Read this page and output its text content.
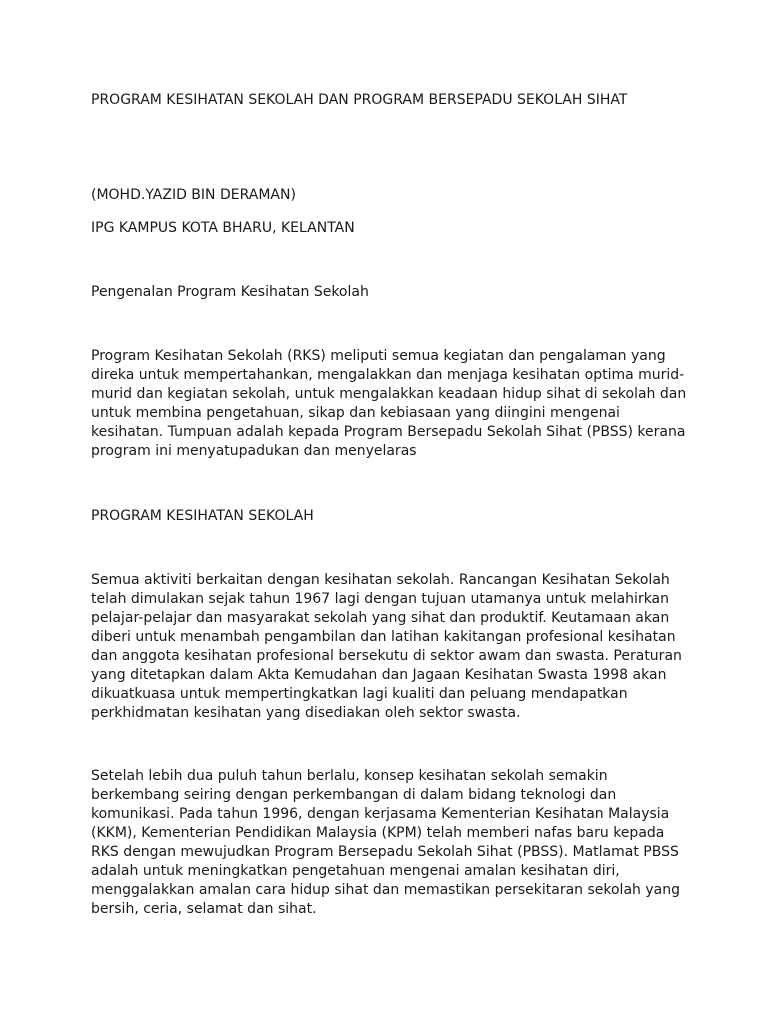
PROGRAM KESIHATAN SEKOLAH DAN PROGRAM BERSEPADU SEKOLAH SIHAT

(MOHD.YAZID BIN DERAMAN)

IPG KAMPUS KOTA BHARU, KELANTAN

Pengenalan Program Kesihatan Sekolah

Program Kesihatan Sekolah (RKS) meliputi semua kegiatan dan pengalaman yang
direka untuk mempertahankan, mengalakkan dan menjaga kesihatan optima murid-
murid dan kegiatan sekolah, untuk mengalakkan keadaan hidup sihat di sekolah dan
untuk membina pengetahuan, sikap dan kebiasaan yang diingini mengenai
kesihatan. Tumpuan adalah kepada Program Bersepadu Sekolah Sihat (PBSS) kerana
program ini menyatupadukan dan menyelaras

PROGRAM KESIHATAN SEKOLAH

Semua aktiviti berkaitan dengan kesihatan sekolah. Rancangan Kesihatan Sekolah
telah dimulakan sejak tahun 1967 lagi dengan tujuan utamanya untuk melahirkan
pelajar-pelajar dan masyarakat sekolah yang sihat dan produktif. Keutamaan akan
diberi untuk menambah pengambilan dan latihan kakitangan profesional kesihatan
dan anggota kesihatan profesional bersekutu di sektor awam dan swasta. Peraturan
yang ditetapkan dalam Akta Kemudahan dan Jagaan Kesihatan Swasta 1998 akan
dikuatkuasa untuk mempertingkatkan lagi kualiti dan peluang mendapatkan
perkhidmatan kesihatan yang disediakan oleh sektor swasta.
Setelah lebih dua puluh tahun berlalu, konsep kesihatan sekolah semakin
berkembang seiring dengan perkembangan di dalam bidang teknologi dan
komunikasi. Pada tahun 1996, dengan kerjasama Kementerian Kesihatan Malaysia
(KKM), Kementerian Pendidikan Malaysia (KPM) telah memberi nafas baru kepada
RKS dengan mewujudkan Program Bersepadu Sekolah Sihat (PBSS). Matlamat PBSS
adalah untuk meningkatkan pengetahuan mengenai amalan kesihatan diri,
menggalakkan amalan cara hidup sihat dan memastikan persekitaran sekolah yang
bersih, ceria, selamat dan sihat.
